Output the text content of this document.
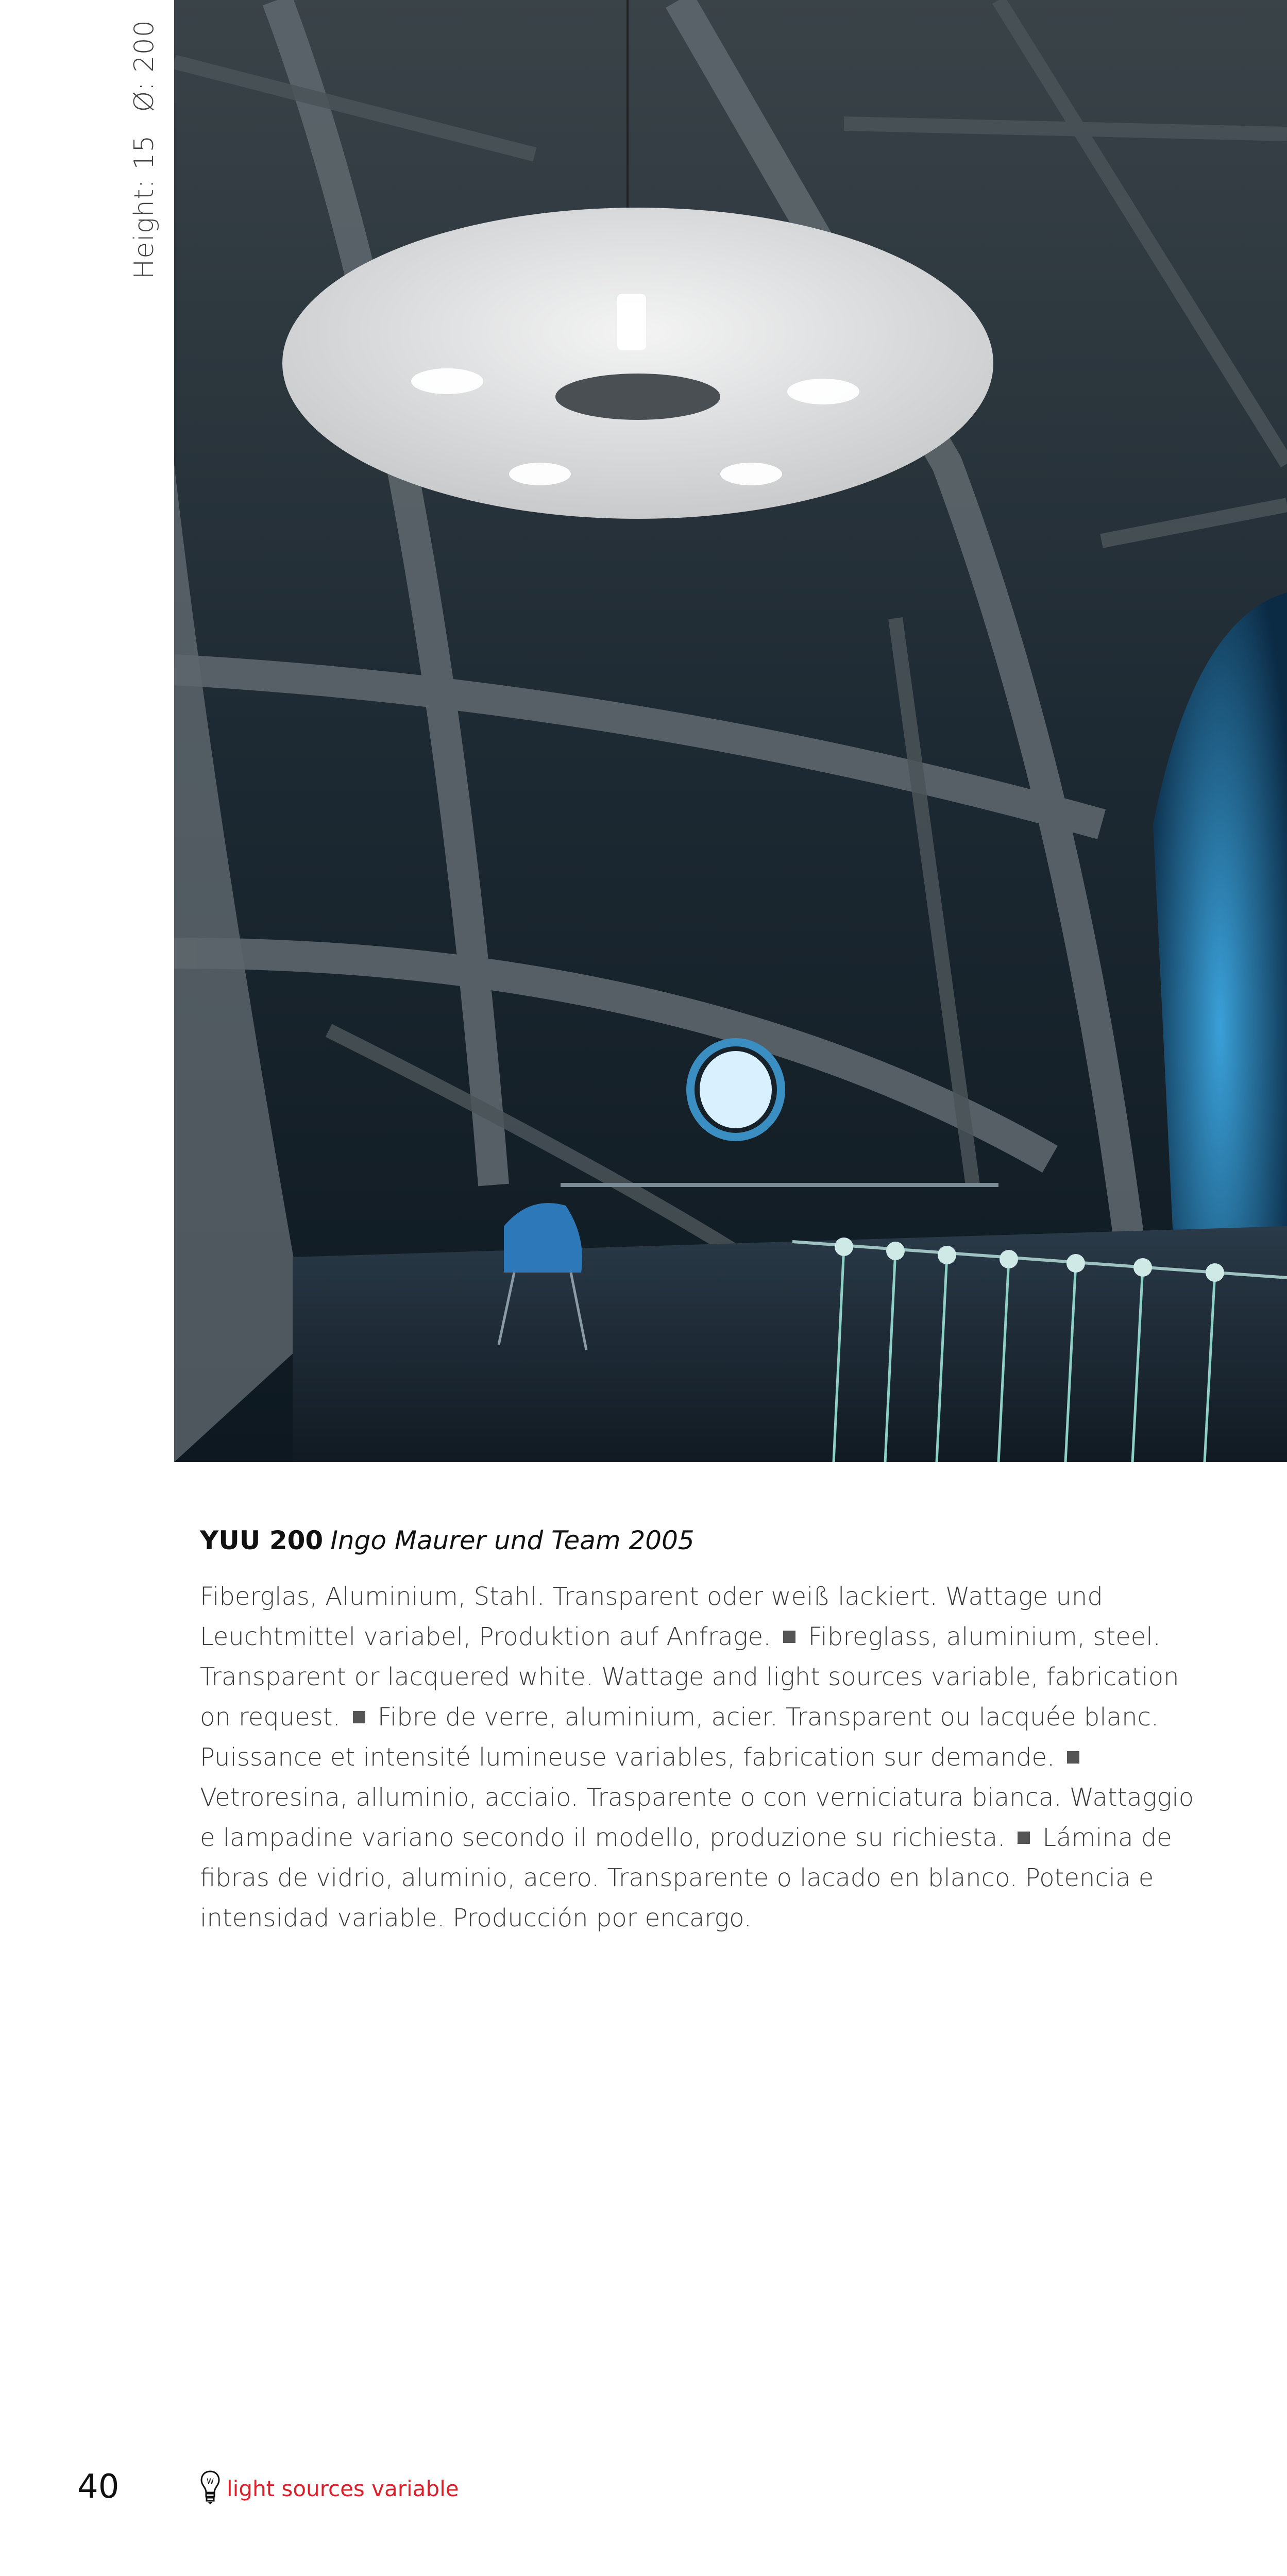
Height: 15Ø: 200

YUU 200 Ingo Maurer und Team 2005

Fiberglas, Aluminium, Stahl. Transparent oder weiß lackiert. Wattage und Leuchtmittel variabel, Produktion auf Anfrage. Fibreglass, aluminium, steel. Transparent or lacquered white. Wattage and light sources variable, fabrication on request. Fibre de verre, aluminium, acier. Transparent ou lacquée blanc. Puissance et intensité lumineuse variables, fabrication sur demande.Vetroresina, alluminio, acciaio. Trasparente o con verniciatura bianca. Wattaggio e lampadine variano secondo il modello, produzione su richiesta. Lámina de fibras de vidrio, aluminio, acero. Transparente o lacado en blanco. Potencia e intensidad variable. Producción por encargo.

40	W light sources variable
